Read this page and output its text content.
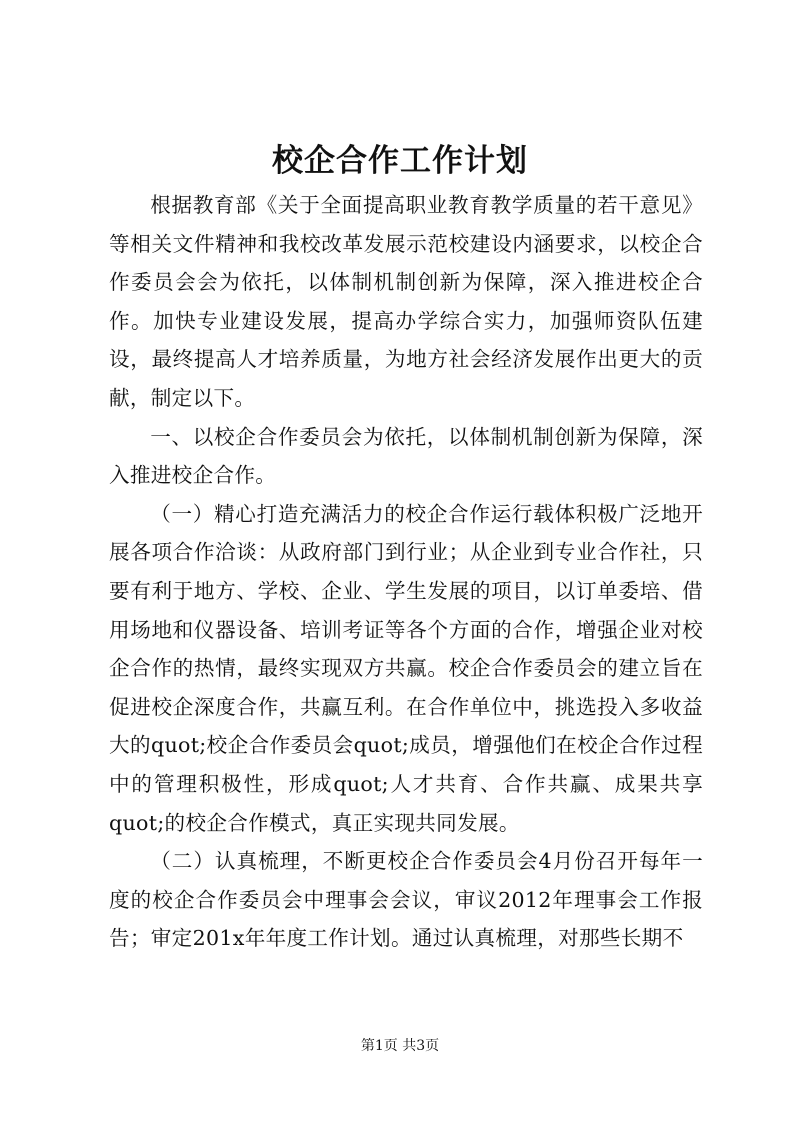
校企合作工作计划

根据教育部《关于全面提高职业教育教学质量的若干意见》等相关文件精神和我校改革发展示范校建设内涵要求，以校企合作委员会会为依托，以体制机制创新为保障，深入推进校企合作。加快专业建设发展，提高办学综合实力，加强师资队伍建设，最终提高人才培养质量，为地方社会经济发展作出更大的贡献，制定以下。

一、以校企合作委员会为依托，以体制机制创新为保障，深入推进校企合作。

（一）精心打造充满活力的校企合作运行载体积极广泛地开展各项合作洽谈：从政府部门到行业；从企业到专业合作社，只要有利于地方、学校、企业、学生发展的项目，以订单委培、借用场地和仪器设备、培训考证等各个方面的合作，增强企业对校企合作的热情，最终实现双方共赢。校企合作委员会的建立旨在促进校企深度合作，共赢互利。在合作单位中，挑选投入多收益大的quot;校企合作委员会quot;成员，增强他们在校企合作过程中的管理积极性，形成quot;人才共育、合作共赢、成果共享quot;的校企合作模式，真正实现共同发展。

（二）认真梳理，不断更校企合作委员会4月份召开每年一度的校企合作委员会中理事会会议，审议2012年理事会工作报告；审定201x年年度工作计划。通过认真梳理，对那些长期不

第1页 共3页
